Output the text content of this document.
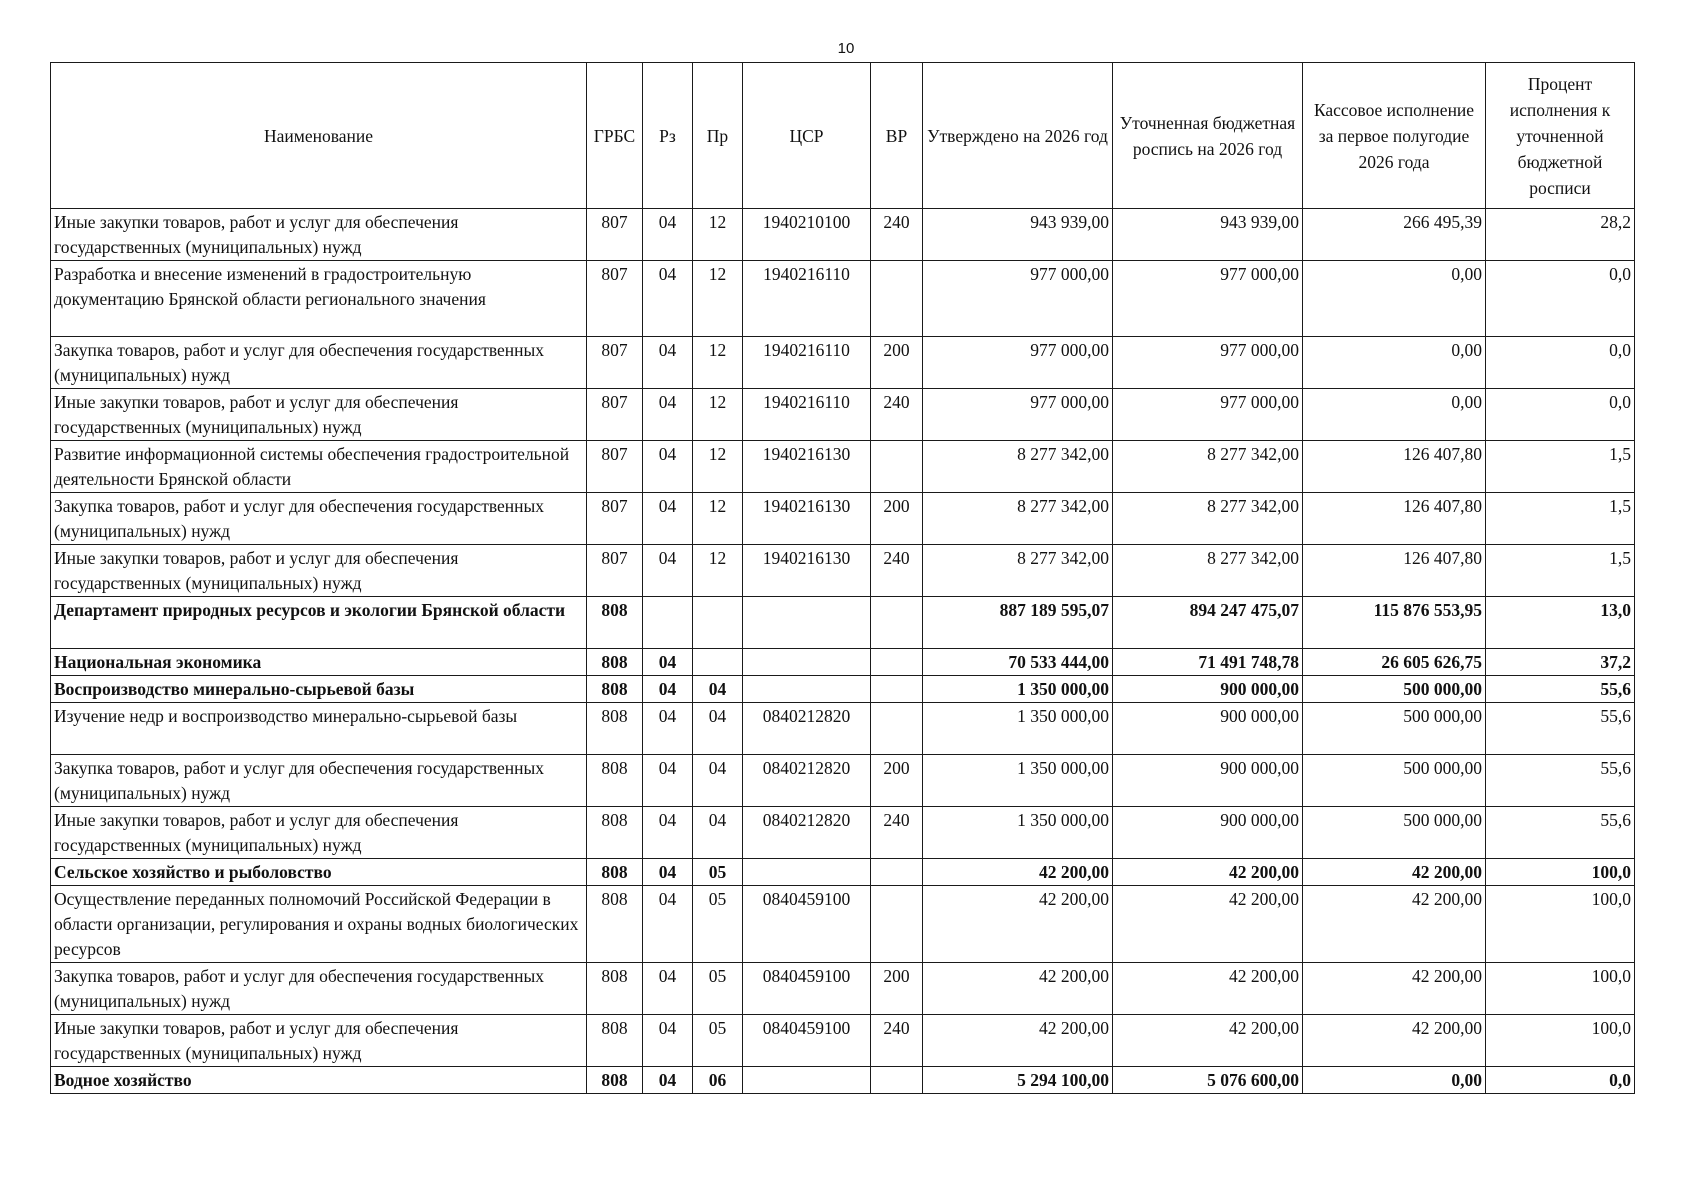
10
Наименование	ГРБС	Рз	Пр	ЦСР	ВР	Утверждено на 2026 год	Уточненная бюджетная роспись на 2026 год	Кассовое исполнение за первое полугодие 2026 года	Процент исполнения к уточненной бюджетной росписи
Иные закупки товаров, работ и услуг для обеспечения государственных (муниципальных) нужд	807	04	12	1940210100	240	943 939,00	943 939,00	266 495,39	28,2
Разработка и внесение изменений в градостроительную документацию Брянской области регионального значения	807	04	12	1940216110		977 000,00	977 000,00	0,00	0,0
Закупка товаров, работ и услуг для обеспечения государственных (муниципальных) нужд	807	04	12	1940216110	200	977 000,00	977 000,00	0,00	0,0
Иные закупки товаров, работ и услуг для обеспечения государственных (муниципальных) нужд	807	04	12	1940216110	240	977 000,00	977 000,00	0,00	0,0
Развитие информационной системы обеспечения градостроительной деятельности Брянской области	807	04	12	1940216130		8 277 342,00	8 277 342,00	126 407,80	1,5
Закупка товаров, работ и услуг для обеспечения государственных (муниципальных) нужд	807	04	12	1940216130	200	8 277 342,00	8 277 342,00	126 407,80	1,5
Иные закупки товаров, работ и услуг для обеспечения государственных (муниципальных) нужд	807	04	12	1940216130	240	8 277 342,00	8 277 342,00	126 407,80	1,5
Департамент природных ресурсов и экологии Брянской области	808					887 189 595,07	894 247 475,07	115 876 553,95	13,0
Национальная экономика	808	04				70 533 444,00	71 491 748,78	26 605 626,75	37,2
Воспроизводство минерально-сырьевой базы	808	04	04			1 350 000,00	900 000,00	500 000,00	55,6
Изучение недр и воспроизводство минерально-сырьевой базы	808	04	04	0840212820		1 350 000,00	900 000,00	500 000,00	55,6
Закупка товаров, работ и услуг для обеспечения государственных (муниципальных) нужд	808	04	04	0840212820	200	1 350 000,00	900 000,00	500 000,00	55,6
Иные закупки товаров, работ и услуг для обеспечения государственных (муниципальных) нужд	808	04	04	0840212820	240	1 350 000,00	900 000,00	500 000,00	55,6
Сельское хозяйство и рыболовство	808	04	05			42 200,00	42 200,00	42 200,00	100,0
Осуществление переданных полномочий Российской Федерации в области организации, регулирования и охраны водных биологических ресурсов	808	04	05	0840459100		42 200,00	42 200,00	42 200,00	100,0
Закупка товаров, работ и услуг для обеспечения государственных (муниципальных) нужд	808	04	05	0840459100	200	42 200,00	42 200,00	42 200,00	100,0
Иные закупки товаров, работ и услуг для обеспечения государственных (муниципальных) нужд	808	04	05	0840459100	240	42 200,00	42 200,00	42 200,00	100,0
Водное хозяйство	808	04	06			5 294 100,00	5 076 600,00	0,00	0,0
